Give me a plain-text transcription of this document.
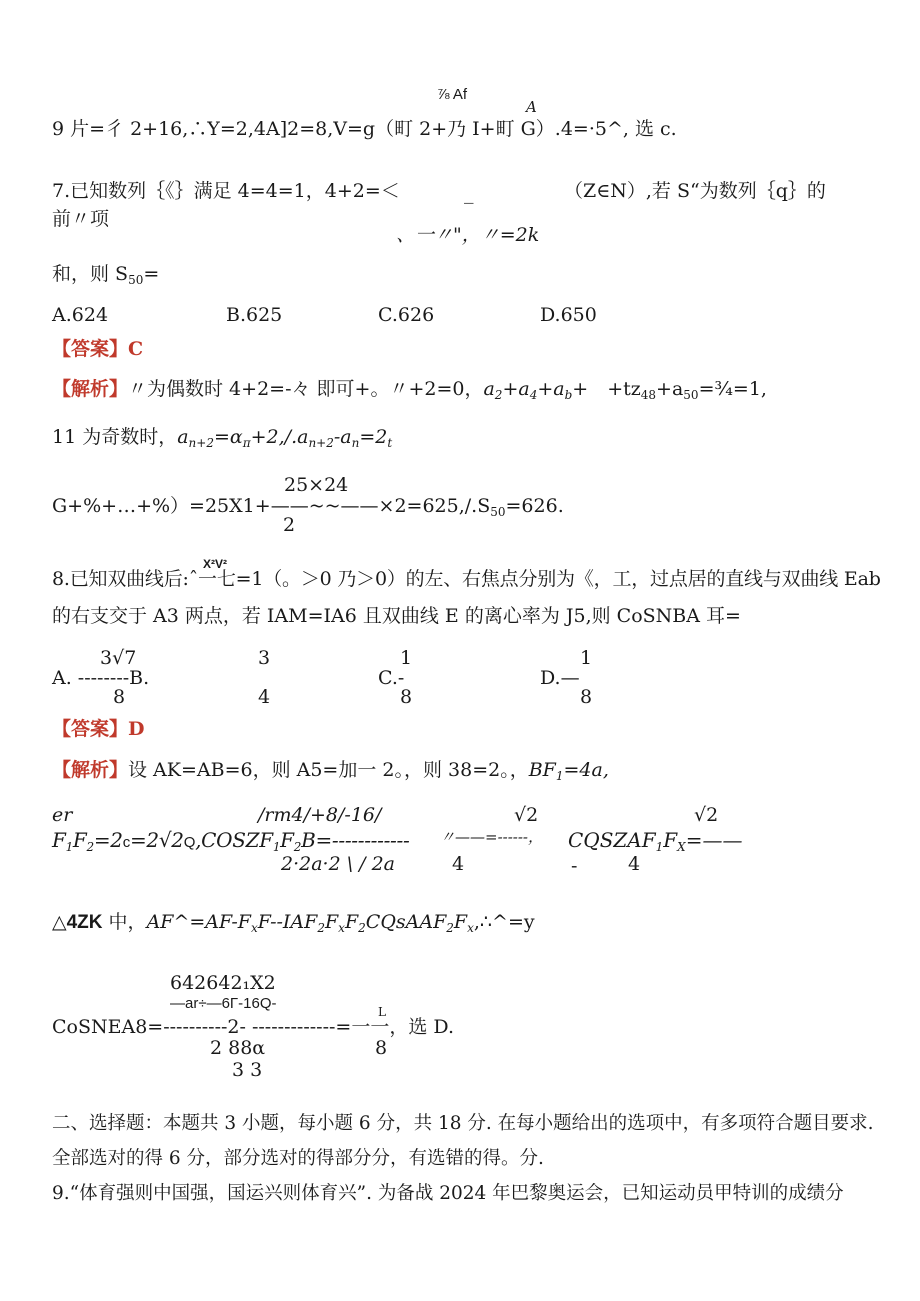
⅞ Af
A
9 片=彳 2+16,∴Y=2,4A]2=8,V=g（町 2+乃 I+町 G）.4=·5^, 选 c.
7.已知数列｛《｝满足 4=4=1，4+2=＜	_	（Z∈N）,若 S“为数列｛q｝的
前〃项
、一〃"，〃=2k
和，则 $S_{50}=$
A.624	B.625	C.626	D.650
【答案】C
【解析】〃为偶数时 4+2=-々 即可+。〃+2=0，$a_2+a_4+a_b+$　$+tz_{48}+a_{50}=\frac{3}{4}=1$,
11 为奇数时，$a_{n+2}=\alpha_\pi+2,/.a_{n+2}-a_n=2_t$
25×24
$G+\%+\dots+\%)=25X1+——\sim\sim——\times 2=625,/.S_{50}=626$.
2
X²V²
8.已知双曲线后:ˆ一七=1（。＞0 乃＞0）的左、右焦点分别为《，工，过点居的直线与双曲线 Eab
的右支交于 A3 两点，若 IAM=IA6 且双曲线 E 的离心率为 J5,则 CoSNBA 耳=
3√7
A. --------B.
8
3
4
1
C.-
8
1
D.—
8
【答案】D
【解析】设 AK=AB=6，则 A5=加一 2。，则 38=2。，$BF_1=4a$,
er	/rm4/+8/-16/	√2	√2
$F_1F_2=2c=2√2Q,COSZF_1F_2B=------------$ 〃——=------， $CQSZAF_1F_X=——$
2·2a·2 \ / 2a	4	-	4
△4ZK 中，$AF\^{}=AF-F_xF--IAF_2F_xF_2CQsAAF_2F_x,\therefore\^{}=y$
642642₁X2
—ar÷—6Γ-16Q-	L
CoSNEA8=----------2- -------------=一一，选 D.
2 88α	8
3 3
二、选择题：本题共 3 小题，每小题 6 分，共 18 分. 在每小题给出的选项中，有多项符合题目要求.
全部选对的得 6 分，部分选对的得部分分，有选错的得。分.
9.“体育强则中国强，国运兴则体育兴”. 为备战 2024 年巴黎奥运会，已知运动员甲特训的成绩分
